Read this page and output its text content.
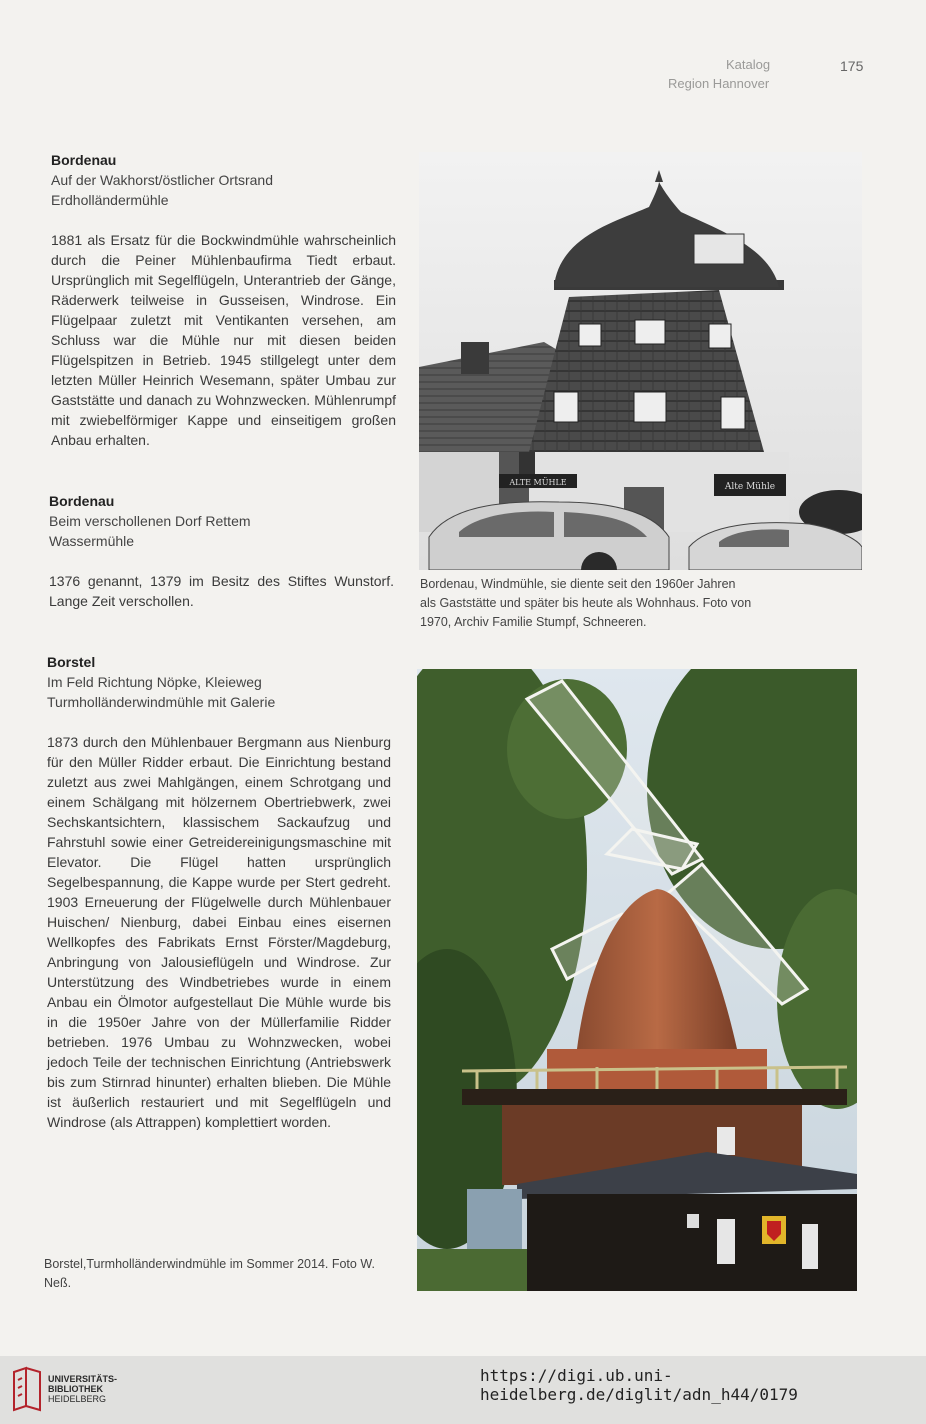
Katalog
Region Hannover
175
Bordenau
Auf der Wakhorst/östlicher Ortsrand
Erdholländermühle

1881 als Ersatz für die Bockwindmühle wahrscheinlich durch die Peiner Mühlenbaufirma Tiedt erbaut. Ursprünglich mit Segelflügeln, Unterantrieb der Gänge, Räderwerk teilweise in Gusseisen, Windrose. Ein Flügelpaar zuletzt mit Ventikanten versehen, am Schluss war die Mühle nur mit diesen beiden Flügelspitzen in Betrieb. 1945 stillgelegt unter dem letzten Müller Heinrich Wesemann, später Umbau zur Gaststätte und danach zu Wohnzwecken. Mühlenrumpf mit zwiebelförmiger Kappe und einseitigem großen Anbau erhalten.

Bordenau
Beim verschollenen Dorf Rettem
Wassermühle

1376 genannt, 1379 im Besitz des Stiftes Wunstorf. Lange Zeit verschollen.

Borstel
Im Feld Richtung Nöpke, Kleieweg
Turmholländerwindmühle mit Galerie

1873 durch den Mühlenbauer Bergmann aus Nienburg für den Müller Ridder erbaut. Die Einrichtung bestand zuletzt aus zwei Mahlgängen, einem Schrotgang und einem Schälgang mit hölzernem Obertriebwerk, zwei Sechskantsichtern, klassischem Sackaufzug und Fahrstuhl sowie einer Getreidereinigungsmaschine mit Elevator. Die Flügel hatten ursprünglich Segelbespannung, die Kappe wurde per Stert gedreht. 1903 Erneuerung der Flügelwelle durch Mühlenbauer Huischen/ Nienburg, dabei Einbau eines eisernen Wellkopfes des Fabrikats Ernst Förster/Magdeburg, Anbringung von Jalousieflügeln und Windrose. Zur Unterstützung des Windbetriebes wurde in einem Anbau ein Ölmotor aufgestellaut Die Mühle wurde bis in die 1950er Jahre von der Müllerfamilie Ridder betrieben. 1976 Umbau zu Wohnzwecken, wobei jedoch Teile der technischen Einrichtung (Antriebswerk bis zum Stirnrad hinunter) erhalten blieben. Die Mühle ist äußerlich restauriert und mit Segelflügeln und Windrose (als Attrappen) komplettiert worden.

Alte Mühle
ALTE MÜHLE
Bordenau, Windmühle, sie diente seit den 1960er Jahren
als Gaststätte und später bis heute als Wohnhaus. Foto von
1970, Archiv Familie Stumpf, Schneeren.
Borstel,Turmholländerwindmühle im Sommer 2014. Foto W.
Neß.
UNIVERSITÄTS-
BIBLIOTHEK
HEIDELBERG
https://digi.ub.uni-heidelberg.de/diglit/adn_h44/0179
